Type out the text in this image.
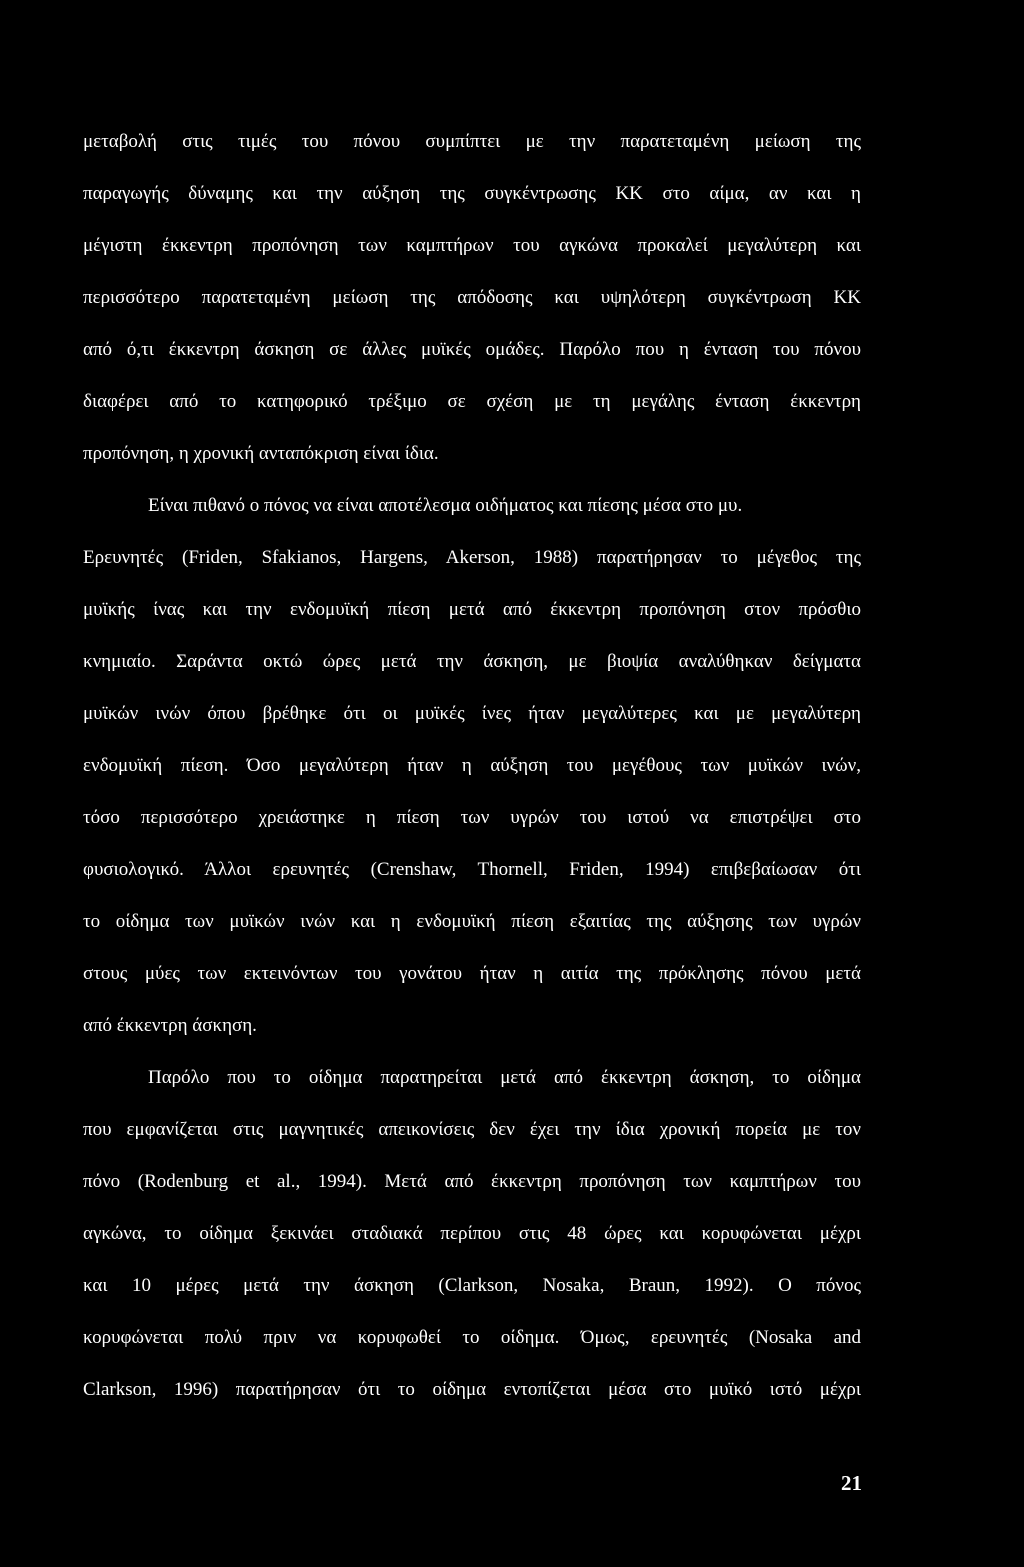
μεταβολή στις τιμές του πόνου συμπίπτει με την παρατεταμένη μείωση της
παραγωγής δύναμης και την αύξηση της συγκέντρωσης ΚΚ στο αίμα, αν και η
μέγιστη έκκεντρη προπόνηση των καμπτήρων του αγκώνα προκαλεί μεγαλύτερη και
περισσότερο παρατεταμένη μείωση της απόδοσης και υψηλότερη συγκέντρωση ΚΚ
από ό,τι έκκεντρη άσκηση σε άλλες μυϊκές ομάδες. Παρόλο που η ένταση του πόνου
διαφέρει από το κατηφορικό τρέξιμο σε σχέση με τη μεγάλης ένταση έκκεντρη
προπόνηση, η χρονική ανταπόκριση είναι ίδια.
Είναι πιθανό ο πόνος να είναι αποτέλεσμα οιδήματος και πίεσης μέσα στο μυ.
Ερευνητές (Friden, Sfakianos, Hargens, Akerson, 1988) παρατήρησαν το μέγεθος της
μυϊκής ίνας και την ενδομυϊκή πίεση μετά από έκκεντρη προπόνηση στον πρόσθιο
κνημιαίο. Σαράντα οκτώ ώρες μετά την άσκηση, με βιοψία αναλύθηκαν δείγματα
μυϊκών ινών όπου βρέθηκε ότι οι μυϊκές ίνες ήταν μεγαλύτερες και με μεγαλύτερη
ενδομυϊκή πίεση. Όσο μεγαλύτερη ήταν η αύξηση του μεγέθους των μυϊκών ινών,
τόσο περισσότερο χρειάστηκε η πίεση των υγρών του ιστού να επιστρέψει στο
φυσιολογικό. Άλλοι ερευνητές (Crenshaw, Thornell, Friden, 1994) επιβεβαίωσαν ότι
το οίδημα των μυϊκών ινών και η ενδομυϊκή πίεση εξαιτίας της αύξησης των υγρών
στους μύες των εκτεινόντων του γονάτου ήταν η αιτία της πρόκλησης πόνου μετά
από έκκεντρη άσκηση.
Παρόλο που το οίδημα παρατηρείται μετά από έκκεντρη άσκηση, το οίδημα
που εμφανίζεται στις μαγνητικές απεικονίσεις δεν έχει την ίδια χρονική πορεία με τον
πόνο (Rodenburg et al., 1994). Μετά από έκκεντρη προπόνηση των καμπτήρων του
αγκώνα, το οίδημα ξεκινάει σταδιακά περίπου στις 48 ώρες και κορυφώνεται μέχρι
και 10 μέρες μετά την άσκηση (Clarkson, Nosaka, Braun, 1992). Ο πόνος
κορυφώνεται πολύ πριν να κορυφωθεί το οίδημα. Όμως, ερευνητές (Nosaka and
Clarkson, 1996) παρατήρησαν ότι το οίδημα εντοπίζεται μέσα στο μυϊκό ιστό μέχρι
21
